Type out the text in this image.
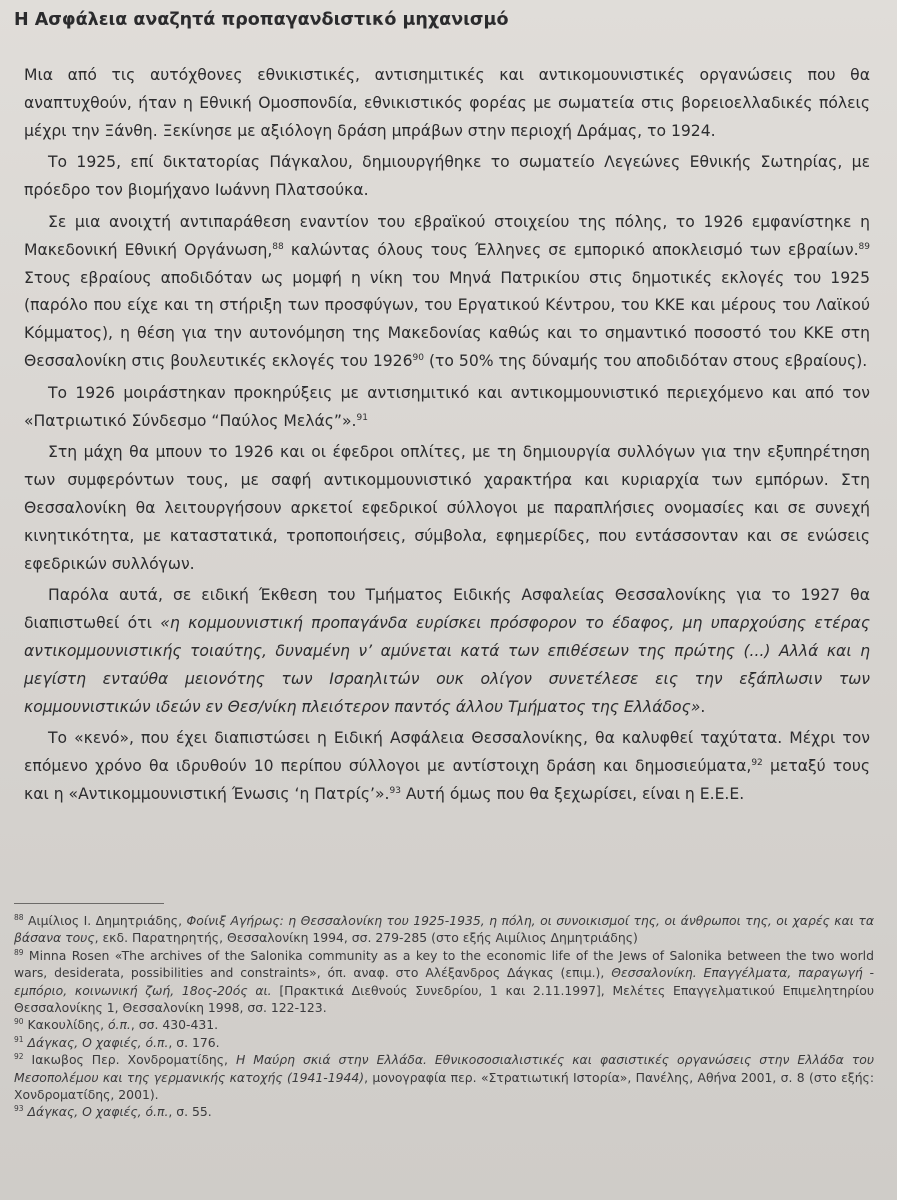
Η Ασφάλεια αναζητά προπαγανδιστικό μηχανισμό

Μια από τις αυτόχθονες εθνικιστικές, αντισημιτικές και αντικομουνιστικές οργανώσεις που θα αναπτυχθούν, ήταν η Εθνική Ομοσπονδία, εθνικιστικός φορέας με σωματεία στις βορειοελλαδικές πόλεις μέχρι την Ξάνθη. Ξεκίνησε με αξιόλογη δράση μπράβων στην περιοχή Δράμας, το 1924.

Το 1925, επί δικτατορίας Πάγκαλου, δημιουργήθηκε το σωματείο Λεγεώνες Εθνικής Σωτηρίας, με πρόεδρο τον βιομήχανο Ιωάννη Πλατσούκα.

Σε μια ανοιχτή αντιπαράθεση εναντίον του εβραϊκού στοιχείου της πόλης, το 1926 εμφανίστηκε η Μακεδονική Εθνική Οργάνωση,$^{88}$ καλώντας όλους τους Έλληνες σε εμπορικό αποκλεισμό των εβραίων.$^{89}$ Στους εβραίους αποδιδόταν ως μομφή η νίκη του Μηνά Πατρικίου στις δημοτικές εκλογές του 1925 (παρόλο που είχε και τη στήριξη των προσφύγων, του Εργατικού Κέντρου, του ΚΚΕ και μέρους του Λαϊκού Κόμματος), η θέση για την αυτονόμηση της Μακεδονίας καθώς και το σημαντικό ποσοστό του ΚΚΕ στη Θεσσαλονίκη στις βουλευτικές εκλογές του 1926$^{90}$ (το 50% της δύναμής του αποδιδόταν στους εβραίους).

Το 1926 μοιράστηκαν προκηρύξεις με αντισημιτικό και αντικομμουνιστικό περιεχόμενο και από τον «Πατριωτικό Σύνδεσμο “Παύλος Μελάς”».$^{91}$

Στη μάχη θα μπουν το 1926 και οι έφεδροι οπλίτες, με τη δημιουργία συλλόγων για την εξυπηρέτηση των συμφερόντων τους, με σαφή αντικομμουνιστικό χαρακτήρα και κυριαρχία των εμπόρων. Στη Θεσσαλονίκη θα λειτουργήσουν αρκετοί εφεδρικοί σύλλογοι με παραπλήσιες ονομασίες και σε συνεχή κινητικότητα, με καταστατικά, τροποποιήσεις, σύμβολα, εφημερίδες, που εντάσσονταν και σε ενώσεις εφεδρικών συλλόγων.

Παρόλα αυτά, σε ειδική Έκθεση του Τμήματος Ειδικής Ασφαλείας Θεσσαλονίκης για το 1927 θα διαπιστωθεί ότι «η κομμουνιστική προπαγάνδα ευρίσκει πρόσφορον το έδαφος, μη υπαρχούσης ετέρας αντικομμουνιστικής τοιαύτης, δυναμένη ν’ αμύνεται κατά των επιθέσεων της πρώτης (...) Αλλά και η μεγίστη ενταύθα μειονότης των Ισραηλιτών ουκ ολίγον συνετέλεσε εις την εξάπλωσιν των κομμουνιστικών ιδεών εν Θεσ/νίκη πλειότερον παντός άλλου Τμήματος της Ελλάδος».

Το «κενό», που έχει διαπιστώσει η Ειδική Ασφάλεια Θεσσαλονίκης, θα καλυφθεί ταχύτατα. Μέχρι τον επόμενο χρόνο θα ιδρυθούν 10 περίπου σύλλογοι με αντίστοιχη δράση και δημοσιεύματα,$^{92}$ μεταξύ τους και η «Αντικομμουνιστική Ένωσις ‘η Πατρίς’».$^{93}$ Αυτή όμως που θα ξεχωρίσει, είναι η Ε.Ε.Ε.

$^{88}$ Αιμίλιος Ι. Δημητριάδης, Φοίνιξ Αγήρως: η Θεσσαλονίκη του 1925-1935, η πόλη, οι συνοικισμοί της, οι άνθρωποι της, οι χαρές και τα βάσανα τους, εκδ. Παρατηρητής, Θεσσαλονίκη 1994, σσ. 279-285 (στο εξής Αιμίλιος Δημητριάδης)

$^{89}$ Minna Rosen «The archives of the Salonika community as a key to the economic life of the Jews of Salonika between the two world wars, desiderata, possibilities and constraints», όπ. αναφ. στο Αλέξανδρος Δάγκας (επιμ.), Θεσσαλονίκη. Επαγγέλματα, παραγωγή - εμπόριο, κοινωνική ζωή, 18ος-20ός αι. [Πρακτικά Διεθνούς Συνεδρίου, 1 και 2.11.1997], Μελέτες Επαγγελματικού Επιμελητηρίου Θεσσαλονίκης 1, Θεσσαλονίκη 1998, σσ. 122-123.

$^{90}$ Κακουλίδης, ό.π., σσ. 430-431.

$^{91}$ Δάγκας, Ο χαφιές, ό.π., σ. 176.

$^{92}$ Ιακωβος Περ. Χονδροματίδης, Η Μαύρη σκιά στην Ελλάδα. Εθνικοσοσιαλιστικές και φασιστικές οργανώσεις στην Ελλάδα του Μεσοπολέμου και της γερμανικής κατοχής (1941-1944), μονογραφία περ. «Στρατιωτική Ιστορία», Πανέλης, Αθήνα 2001, σ. 8 (στο εξής: Χονδροματίδης, 2001).

$^{93}$ Δάγκας, Ο χαφιές, ό.π., σ. 55.
